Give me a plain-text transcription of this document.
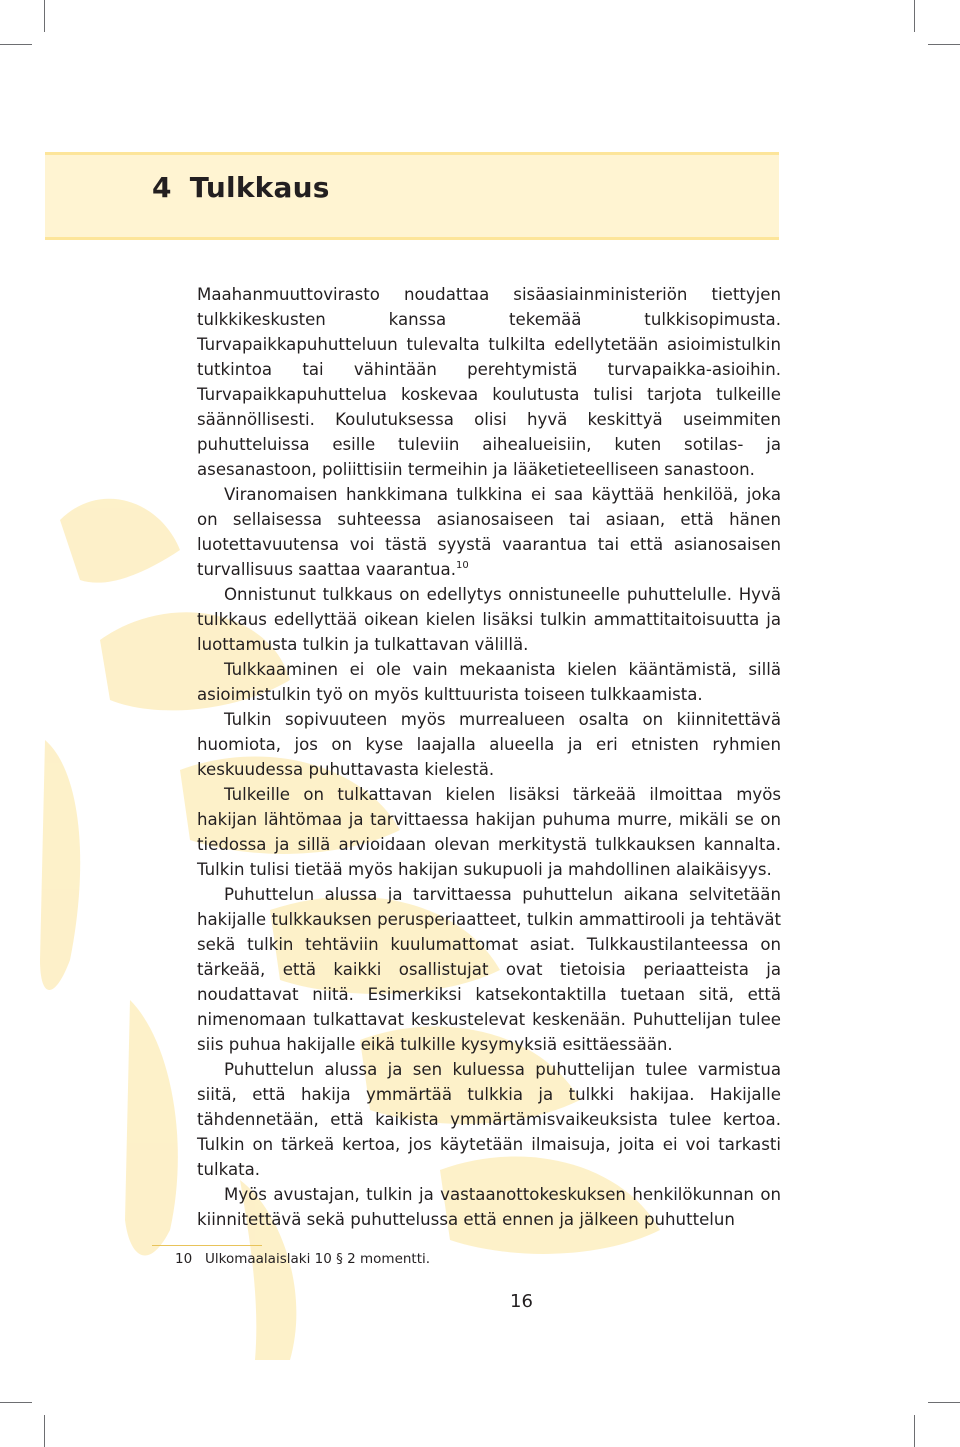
4 Tulkkaus

Maahanmuuttovirasto noudattaa sisäasiainministeriön tiettyjen tulkkikeskusten kanssa tekemää tulkkisopimusta. Turvapaikkapuhutteluun tulevalta tulkilta edellytetään asioimistulkin tutkintoa tai vähintään perehtymistä turvapaikka-asioihin. Turvapaikkapuhuttelua koskevaa koulutusta tulisi tarjota tulkeille säännöllisesti. Koulutuksessa olisi hyvä keskittyä useimmiten puhutteluissa esille tuleviin aihealueisiin, kuten sotilas- ja asesanastoon, poliittisiin termeihin ja lääketieteelliseen sanastoon.

Viranomaisen hankkimana tulkkina ei saa käyttää henkilöä, joka on sellaisessa suhteessa asianosaiseen tai asiaan, että hänen luotettavuutensa voi tästä syystä vaarantua tai että asianosaisen turvallisuus saattaa vaarantua.$^{10}$

Onnistunut tulkkaus on edellytys onnistuneelle puhuttelulle. Hyvä tulkkaus edellyttää oikean kielen lisäksi tulkin ammattitaitoisuutta ja luottamusta tulkin ja tulkattavan välillä.

Tulkkaaminen ei ole vain mekaanista kielen kääntämistä, sillä asioimistulkin työ on myös kulttuurista toiseen tulkkaamista.

Tulkin sopivuuteen myös murrealueen osalta on kiinnitettävä huomiota, jos on kyse laajalla alueella ja eri etnisten ryhmien keskuudessa puhuttavasta kielestä.

Tulkeille on tulkattavan kielen lisäksi tärkeää ilmoittaa myös hakijan lähtömaa ja tarvittaessa hakijan puhuma murre, mikäli se on tiedossa ja sillä arvioidaan olevan merkitystä tulkkauksen kannalta. Tulkin tulisi tietää myös hakijan sukupuoli ja mahdollinen alaikäisyys.

Puhuttelun alussa ja tarvittaessa puhuttelun aikana selvitetään hakijalle tulkkauksen perusperiaatteet, tulkin ammattirooli ja tehtävät sekä tulkin tehtäviin kuulumattomat asiat. Tulkkaustilanteessa on tärkeää, että kaikki osallistujat ovat tietoisia periaatteista ja noudattavat niitä. Esimerkiksi katsekontaktilla tuetaan sitä, että nimenomaan tulkattavat keskustelevat keskenään. Puhuttelijan tulee siis puhua hakijalle eikä tulkille kysymyksiä esittäessään.

Puhuttelun alussa ja sen kuluessa puhuttelijan tulee varmistua siitä, että hakija ymmärtää tulkkia ja tulkki hakijaa. Hakijalle tähdennetään, että kaikista ymmärtämisvaikeuksista tulee kertoa. Tulkin on tärkeä kertoa, jos käytetään ilmaisuja, joita ei voi tarkasti tulkata.

Myös avustajan, tulkin ja vastaanottokeskuksen henkilökunnan on kiinnitettävä sekä puhuttelussa että ennen ja jälkeen puhuttelun

10 Ulkomaalaislaki 10 § 2 momentti.
16
